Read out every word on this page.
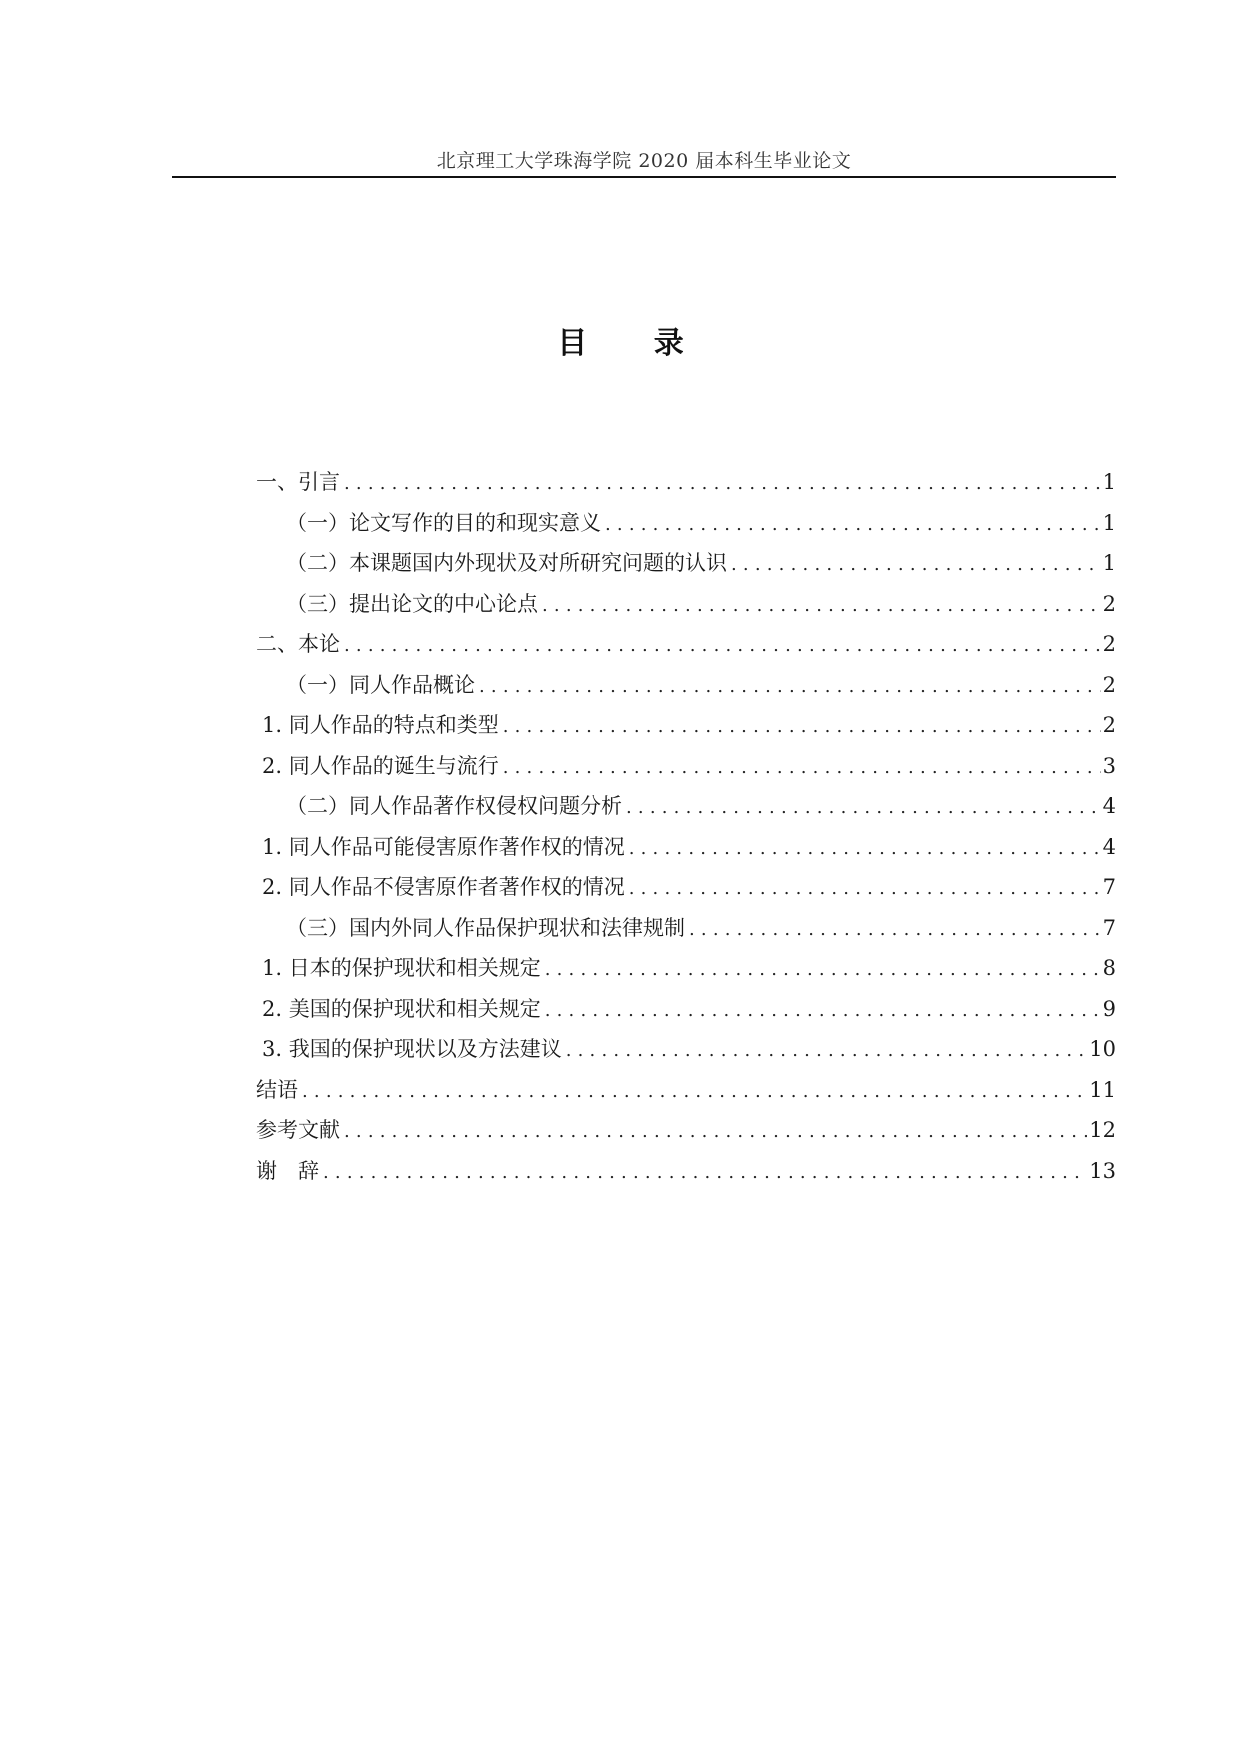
北京理工大学珠海学院 2020 届本科生毕业论文
目 录
一、引言 .....	1
（一）论文写作的目的和现实意义 .....	1
（二）本课题国内外现状及对所研究问题的认识 .....	1
（三）提出论文的中心论点 .....	2
二、本论 .....	2
（一）同人作品概论 .....	2
1. 同人作品的特点和类型 .....	2
2. 同人作品的诞生与流行 .....	3
（二）同人作品著作权侵权问题分析 .....	4
1. 同人作品可能侵害原作著作权的情况 .....	4
2. 同人作品不侵害原作者著作权的情况 .....	7
（三）国内外同人作品保护现状和法律规制 .....	7
1. 日本的保护现状和相关规定 .....	8
2. 美国的保护现状和相关规定 .....	9
3. 我国的保护现状以及方法建议 .....	10
结语 .....	11
参考文献 .....	12
谢　辞 .....	13
